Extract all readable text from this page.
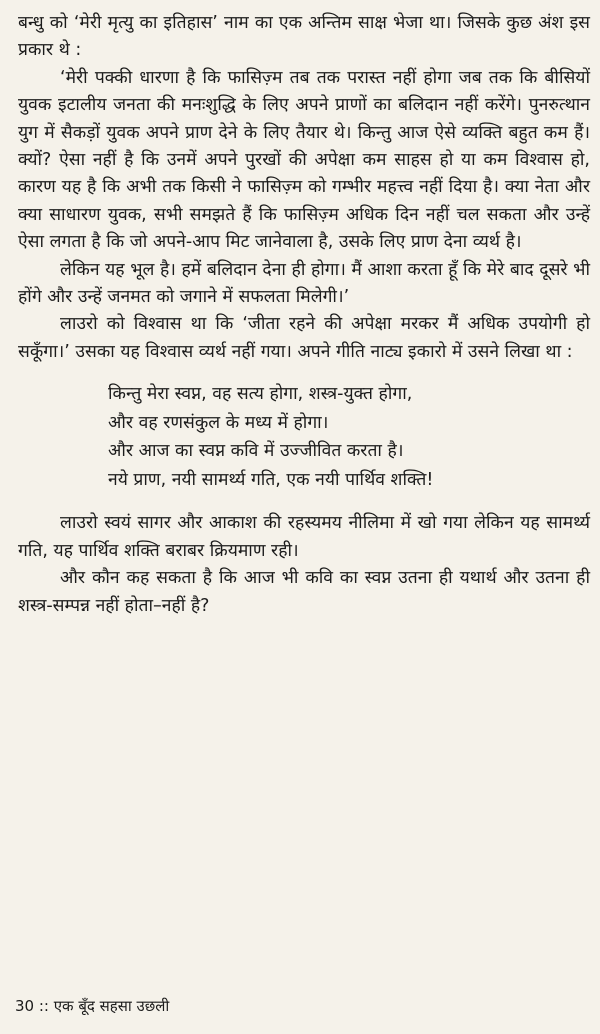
बन्धु को ‘मेरी मृत्यु का इतिहास’ नाम का एक अन्तिम साक्ष भेजा था। जिसके कुछ अंश इस प्रकार थे :

‘मेरी पक्की धारणा है कि फासिज़्म तब तक परास्त नहीं होगा जब तक कि बीसियों युवक इटालीय जनता की मनःशुद्धि के लिए अपने प्राणों का बलिदान नहीं करेंगे। पुनरुत्थान युग में सैकड़ों युवक अपने प्राण देने के लिए तैयार थे। किन्तु आज ऐसे व्यक्ति बहुत कम हैं। क्यों? ऐसा नहीं है कि उनमें अपने पुरखों की अपेक्षा कम साहस हो या कम विश्वास हो, कारण यह है कि अभी तक किसी ने फासिज़्म को गम्भीर महत्त्व नहीं दिया है। क्या नेता और क्या साधारण युवक, सभी समझते हैं कि फासिज़्म अधिक दिन नहीं चल सकता और उन्हें ऐसा लगता है कि जो अपने-आप मिट जानेवाला है, उसके लिए प्राण देना व्यर्थ है।

लेकिन यह भूल है। हमें बलिदान देना ही होगा। मैं आशा करता हूँ कि मेरे बाद दूसरे भी होंगे और उन्हें जनमत को जगाने में सफलता मिलेगी।’

लाउरो को विश्वास था कि ‘जीता रहने की अपेक्षा मरकर मैं अधिक उपयोगी हो सकूँगा।’ उसका यह विश्वास व्यर्थ नहीं गया। अपने गीति नाट्य इकारो में उसने लिखा था :

किन्तु मेरा स्वप्न, वह सत्य होगा, शस्त्र-युक्त होगा,
और वह रणसंकुल के मध्य में होगा।
और आज का स्वप्न कवि में उज्जीवित करता है।
नये प्राण, नयी सामर्थ्य गति, एक नयी पार्थिव शक्ति!

लाउरो स्वयं सागर और आकाश की रहस्यमय नीलिमा में खो गया लेकिन यह सामर्थ्य गति, यह पार्थिव शक्ति बराबर क्रियमाण रही।

और कौन कह सकता है कि आज भी कवि का स्वप्न उतना ही यथार्थ और उतना ही शस्त्र-सम्पन्न नहीं होता–नहीं है?

30 :: एक बूँद सहसा उछली
